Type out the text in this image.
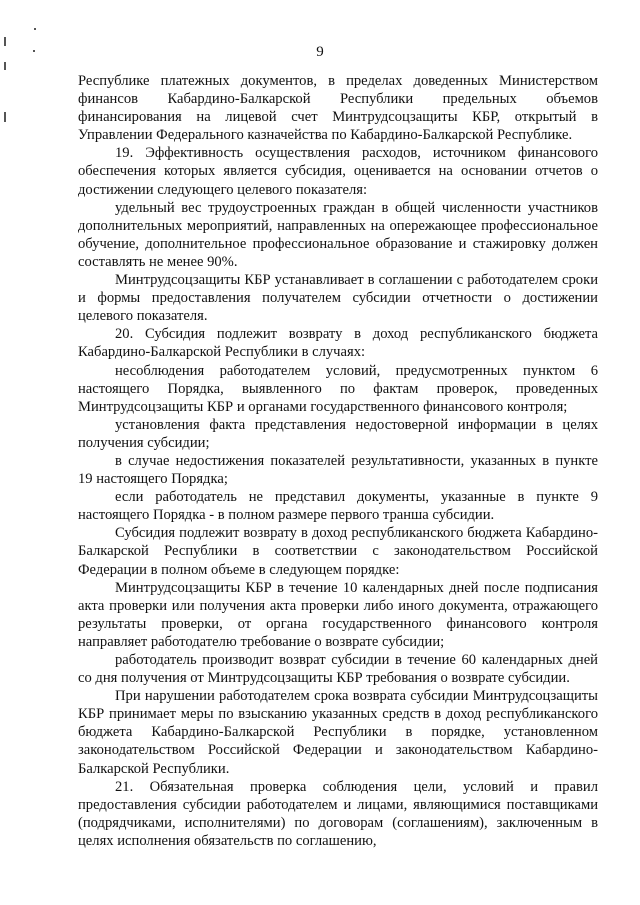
9

Республике платежных документов, в пределах доведенных Министерством финансов Кабардино-Балкарской Республики предельных объемов финансирования на лицевой счет Минтрудсоцзащиты КБР, открытый в Управлении Федерального казначейства по Кабардино-Балкарской Республике.

19. Эффективность осуществления расходов, источником финансового обеспечения которых является субсидия, оценивается на основании отчетов о достижении следующего целевого показателя:

удельный вес трудоустроенных граждан в общей численности участников дополнительных мероприятий, направленных на опережающее профессиональное обучение, дополнительное профессиональное образование и стажировку должен составлять не менее 90%.

Минтрудсоцзащиты КБР устанавливает в соглашении с работодателем сроки и формы предоставления получателем субсидии отчетности о достижении целевого показателя.

20. Субсидия подлежит возврату в доход республиканского бюджета Кабардино-Балкарской Республики в случаях:

несоблюдения работодателем условий, предусмотренных пунктом 6 настоящего Порядка, выявленного по фактам проверок, проведенных Минтрудсоцзащиты КБР и органами государственного финансового контроля;

установления факта представления недостоверной информации в целях получения субсидии;

в случае недостижения показателей результативности, указанных в пункте 19 настоящего Порядка;

если работодатель не представил документы, указанные в пункте 9 настоящего Порядка - в полном размере первого транша субсидии.

Субсидия подлежит возврату в доход республиканского бюджета Кабардино-Балкарской Республики в соответствии с законодательством Российской Федерации в полном объеме в следующем порядке:

Минтрудсоцзащиты КБР в течение 10 календарных дней после подписания акта проверки или получения акта проверки либо иного документа, отражающего результаты проверки, от органа государственного финансового контроля направляет работодателю требование о возврате субсидии;

работодатель производит возврат субсидии в течение 60 календарных дней со дня получения от Минтрудсоцзащиты КБР требования о возврате субсидии.

При нарушении работодателем срока возврата субсидии Минтрудсоцзащиты КБР принимает меры по взысканию указанных средств в доход республиканского бюджета Кабардино-Балкарской Республики в порядке, установленном законодательством Российской Федерации и законодательством Кабардино-Балкарской Республики.

21. Обязательная проверка соблюдения цели, условий и правил предоставления субсидии работодателем и лицами, являющимися поставщиками (подрядчиками, исполнителями) по договорам (соглашениям), заключенным в целях исполнения обязательств по соглашению,
